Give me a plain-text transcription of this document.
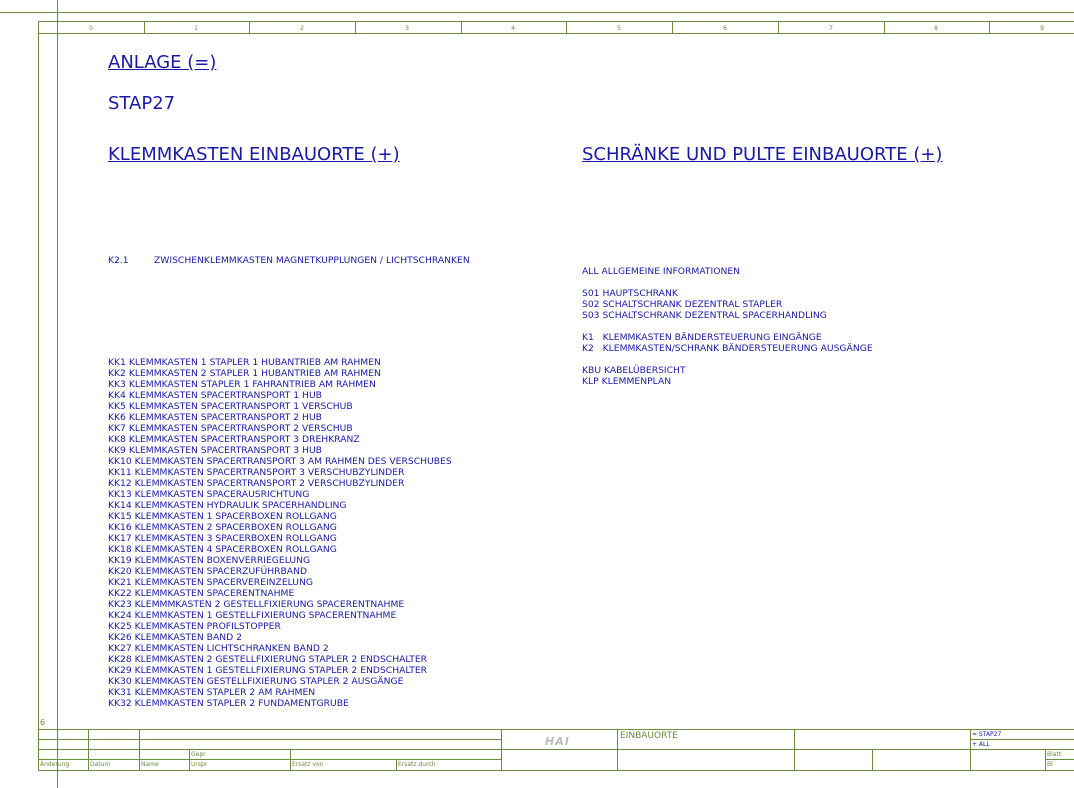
0	1	2	3	4	5	6	7	8	9
6
ANLAGE (=)
STAP27
KLEMMKASTEN EINBAUORTE (+)
K2.1	ZWISCHENKLEMMKASTEN MAGNETKUPPLUNGEN / LICHTSCHRANKEN
KK1 KLEMMKASTEN 1 STAPLER 1 HUBANTRIEB AM RAHMEN
KK2 KLEMMKASTEN 2 STAPLER 1 HUBANTRIEB AM RAHMEN
KK3 KLEMMKASTEN STAPLER 1 FAHRANTRIEB AM RAHMEN
KK4 KLEMMKASTEN SPACERTRANSPORT 1 HUB
KK5 KLEMMKASTEN SPACERTRANSPORT 1 VERSCHUB
KK6 KLEMMKASTEN SPACERTRANSPORT 2 HUB
KK7 KLEMMKASTEN SPACERTRANSPORT 2 VERSCHUB
KK8 KLEMMKASTEN SPACERTRANSPORT 3 DREHKRANZ
KK9 KLEMMKASTEN SPACERTRANSPORT 3 HUB
KK10 KLEMMKASTEN SPACERTRANSPORT 3 AM RAHMEN DES VERSCHUBES
KK11 KLEMMKASTEN SPACERTRANSPORT 3 VERSCHUBZYLINDER
KK12 KLEMMKASTEN SPACERTRANSPORT 2 VERSCHUBZYLINDER
KK13 KLEMMKASTEN SPACERAUSRICHTUNG
KK14 KLEMMKASTEN HYDRAULIK SPACERHANDLING
KK15 KLEMMKASTEN 1 SPACERBOXEN ROLLGANG
KK16 KLEMMKASTEN 2 SPACERBOXEN ROLLGANG
KK17 KLEMMKASTEN 3 SPACERBOXEN ROLLGANG
KK18 KLEMMKASTEN 4 SPACERBOXEN ROLLGANG
KK19 KLEMMKASTEN BOXENVERRIEGELUNG
KK20 KLEMMKASTEN SPACERZUFÜHRBAND
KK21 KLEMMKASTEN SPACERVEREINZELUNG
KK22 KLEMMKASTEN SPACERENTNAHME
KK23 KLEMMMKASTEN 2 GESTELLFIXIERUNG SPACERENTNAHME
KK24 KLEMMKASTEN 1 GESTELLFIXIERUNG SPACERENTNAHME
KK25 KLEMMKASTEN PROFILSTOPPER
KK26 KLEMMKASTEN BAND 2
KK27 KLEMMKASTEN LICHTSCHRANKEN BAND 2
KK28 KLEMMKASTEN 2 GESTELLFIXIERUNG STAPLER 2 ENDSCHALTER
KK29 KLEMMKASTEN 1 GESTELLFIXIERUNG STAPLER 2 ENDSCHALTER
KK30 KLEMMKASTEN GESTELLFIXIERUNG STAPLER 2 AUSGÄNGE
KK31 KLEMMKASTEN STAPLER 2 AM RAHMEN
KK32 KLEMMKASTEN STAPLER 2 FUNDAMENTGRUBE
SCHRÄNKE UND PULTE EINBAUORTE (+)
ALL ALLGEMEINE INFORMATIONEN
S01 HAUPTSCHRANK
S02 SCHALTSCHRANK DEZENTRAL STAPLER
S03 SCHALTSCHRANK DEZENTRAL SPACERHANDLING
K1   KLEMMKASTEN BÄNDERSTEUERUNG EINGÄNGE
K2   KLEMMKASTEN/SCHRANK BÄNDERSTEUERUNG AUSGÄNGE
KBU KABELÜBERSICHT
KLP KLEMMENPLAN
Gepr
Urspr	Ersatz von	Ersatz durch
Änderung	Datum	Name
Blatt
Bl
HAI	EINBAUORTE	= STAP27
+ ALL
